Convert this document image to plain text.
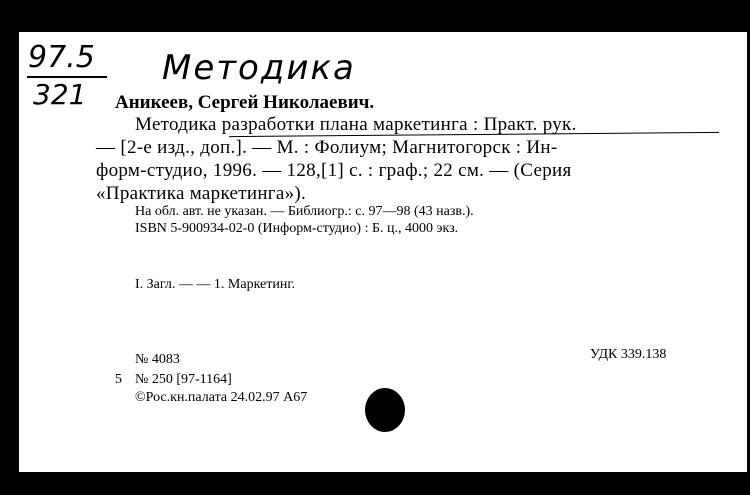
97.5
321
Методика
Аникеев, Сергей Николаевич.
Методика разработки плана маркетинга : Практ. рук.
— [2-е изд., доп.]. — М. : Фолиум; Магнитогорск : Ин-
форм-студио, 1996. — 128,[1] с. : граф.; 22 см. — (Серия
«Практика маркетинга»).
На обл. авт. не указан. — Библиогр.: с. 97—98 (43 назв.).
ISBN 5-900934-02-0 (Информ-студио) : Б. ц., 4000 экз.
I. Загл. — — 1. Маркетинг.
№ 4083	УДК 339.138
5 № 250 [97-1164]
©Рос.кн.палата 24.02.97 А67
